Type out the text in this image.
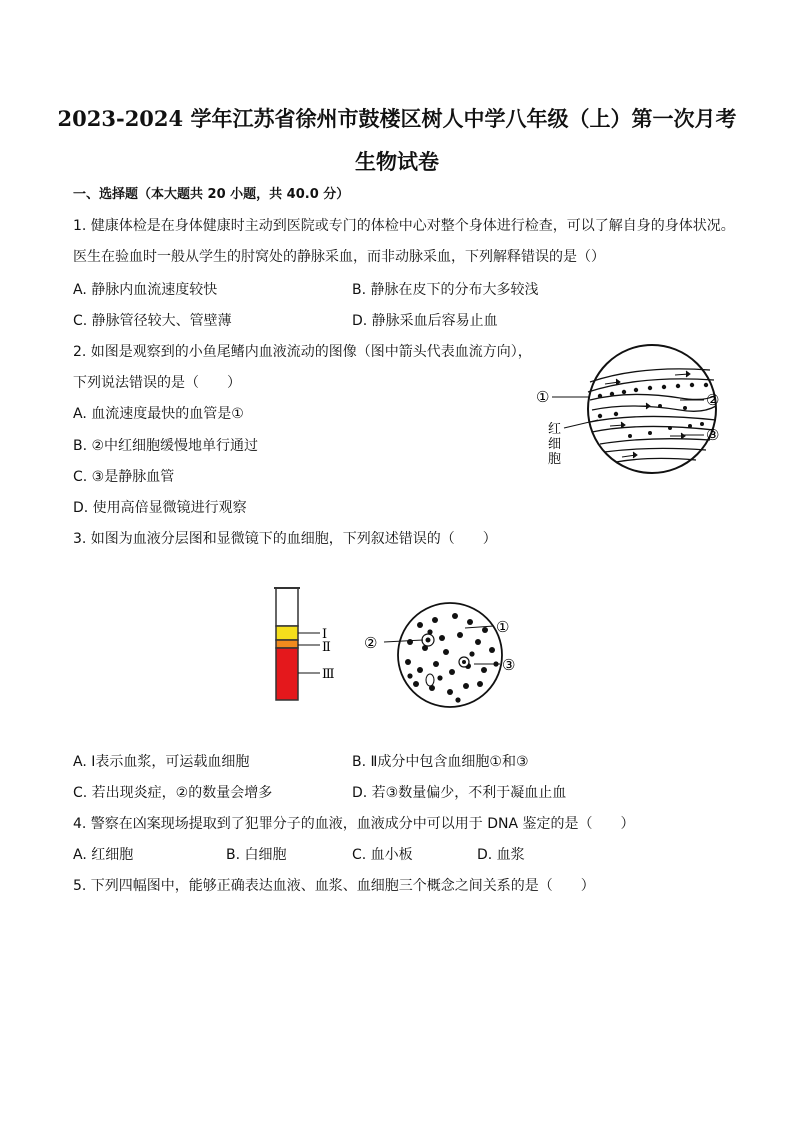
2023-2024 学年江苏省徐州市鼓楼区树人中学八年级（上）第一次月考
生物试卷
一、选择题（本大题共 20 小题，共 40.0 分）
1. 健康体检是在身体健康时主动到医院或专门的体检中心对整个身体进行检查，可以了解自身的身体状况。
医生在验血时一般从学生的肘窝处的静脉采血，而非动脉采血，下列解释错误的是（）
A. 静脉内血流速度较快	B. 静脉在皮下的分布大多较浅
C. 静脉管径较大、管壁薄	D. 静脉采血后容易止血
2. 如图是观察到的小鱼尾鳍内血液流动的图像（图中箭头代表血流方向），
下列说法错误的是（　　）
A. 血流速度最快的血管是①
B. ②中红细胞缓慢地单行通过
C. ③是静脉血管
D. 使用高倍显微镜进行观察
①	②
③
红
细
胞
3. 如图为血液分层图和显微镜下的血细胞，下列叙述错误的（　　）
Ⅰ
Ⅱ
Ⅲ
①
②
③
A. Ⅰ表示血浆，可运载血细胞	B. Ⅱ成分中包含血细胞①和③
C. 若出现炎症，②的数量会增多	D. 若③数量偏少，不利于凝血止血
4. 警察在凶案现场提取到了犯罪分子的血液，血液成分中可以用于 DNA 鉴定的是（　　）
A. 红细胞	B. 白细胞	C. 血小板	D. 血浆
5. 下列四幅图中，能够正确表达血液、血浆、血细胞三个概念之间关系的是（　　）
